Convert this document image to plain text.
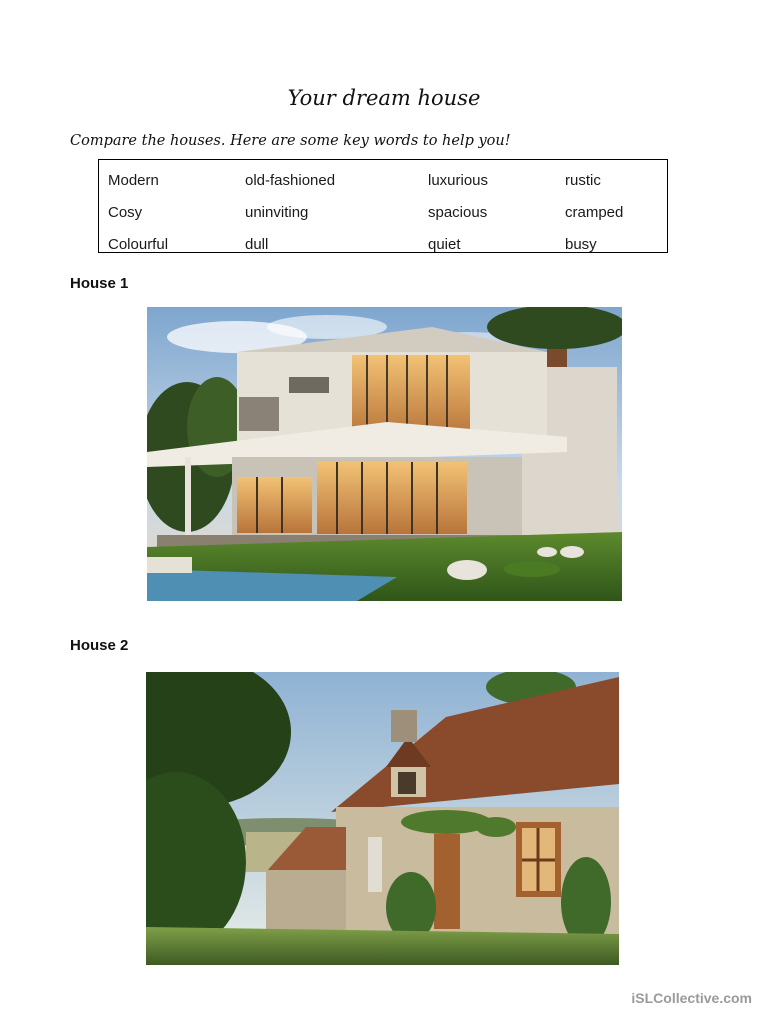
Your dream house
Compare the houses. Here are some key words to help you!
Modern	old-fashioned	luxurious	rustic
Cosy	uninviting	spacious	cramped
Colourful	dull	quiet	busy
House 1
House 2
iSLCollective.com
